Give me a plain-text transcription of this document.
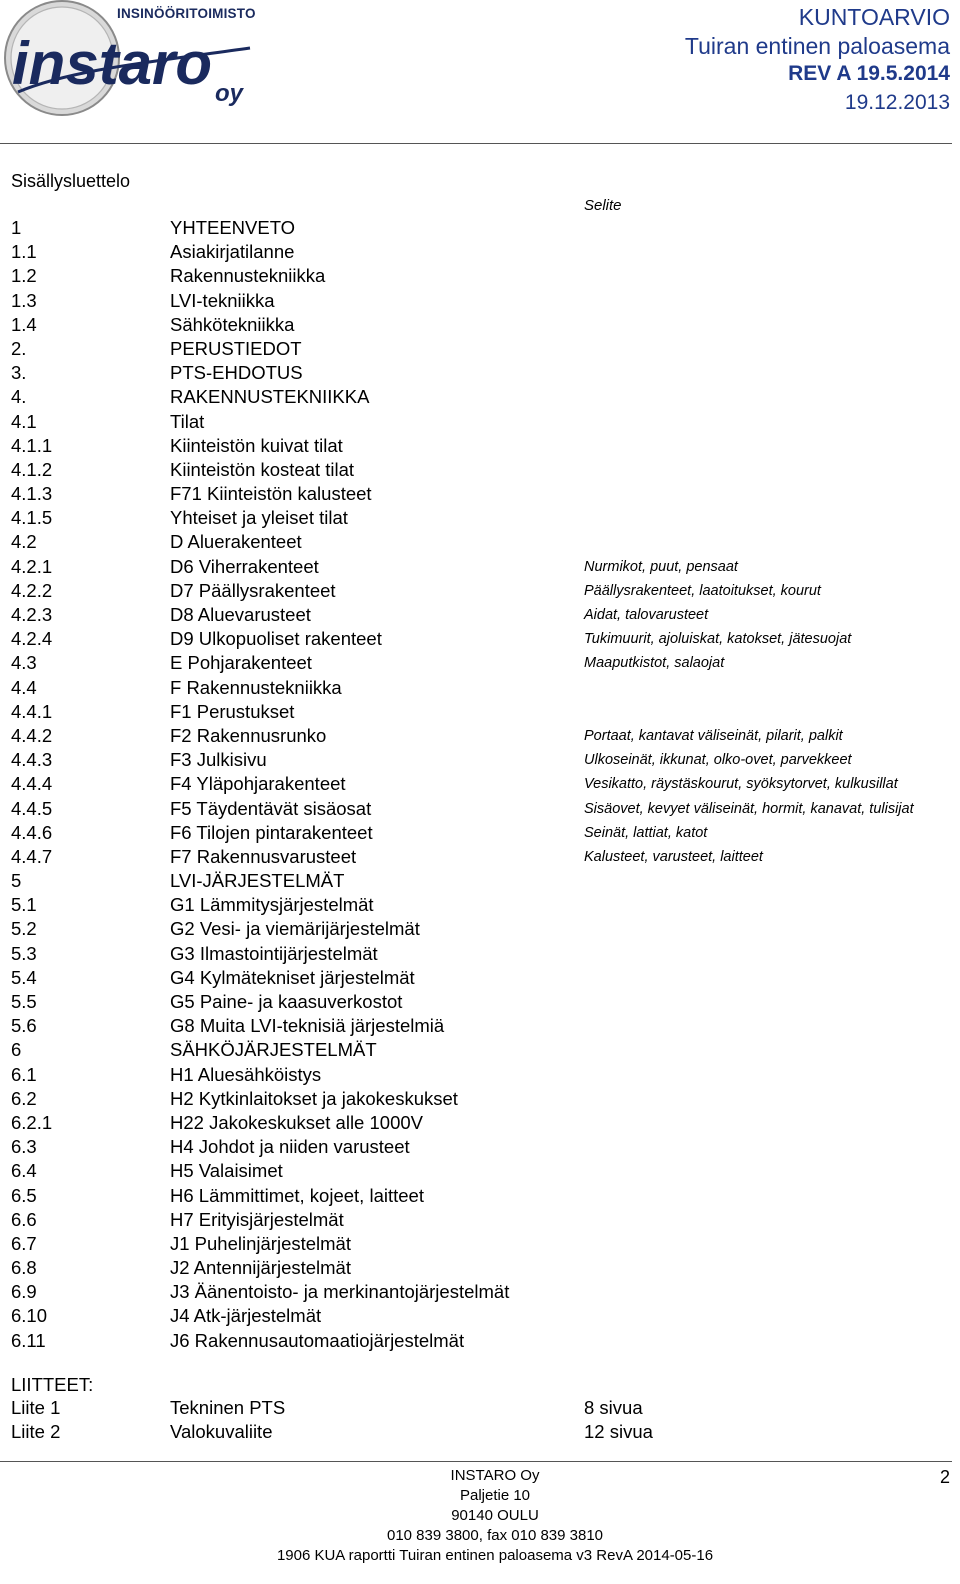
instaro
INSINÖÖRITOIMISTO
oy
KUNTOARVIO
Tuiran entinen paloasema
REV A 19.5.2014
19.12.2013
Sisällysluettelo
Selite
1	YHTEENVETO
1.1	Asiakirjatilanne
1.2	Rakennustekniikka
1.3	LVI-tekniikka
1.4	Sähkötekniikka
2.	PERUSTIEDOT
3.	PTS-EHDOTUS
4.	RAKENNUSTEKNIIKKA
4.1	Tilat
4.1.1	Kiinteistön kuivat tilat
4.1.2	Kiinteistön kosteat tilat
4.1.3	F71 Kiinteistön kalusteet
4.1.5	Yhteiset ja yleiset tilat
4.2	D Aluerakenteet
4.2.1	D6 Viherrakenteet	Nurmikot, puut, pensaat
4.2.2	D7 Päällysrakenteet	Päällysrakenteet, laatoitukset, kourut
4.2.3	D8 Aluevarusteet	Aidat, talovarusteet
4.2.4	D9 Ulkopuoliset rakenteet	Tukimuurit, ajoluiskat, katokset, jätesuojat
4.3	E Pohjarakenteet	Maaputkistot, salaojat
4.4	F Rakennustekniikka
4.4.1	F1 Perustukset
4.4.2	F2 Rakennusrunko	Portaat, kantavat väliseinät, pilarit, palkit
4.4.3	F3 Julkisivu	Ulkoseinät, ikkunat, olko-ovet, parvekkeet
4.4.4	F4 Yläpohjarakenteet	Vesikatto, räystäskourut, syöksytorvet, kulkusillat
4.4.5	F5 Täydentävät sisäosat	Sisäovet, kevyet väliseinät, hormit, kanavat, tulisijat
4.4.6	F6 Tilojen pintarakenteet	Seinät, lattiat, katot
4.4.7	F7 Rakennusvarusteet	Kalusteet, varusteet, laitteet
5	LVI-JÄRJESTELMÄT
5.1	G1 Lämmitysjärjestelmät
5.2	G2 Vesi- ja viemärijärjestelmät
5.3	G3 Ilmastointijärjestelmät
5.4	G4 Kylmätekniset järjestelmät
5.5	G5 Paine- ja kaasuverkostot
5.6	G8 Muita LVI-teknisiä järjestelmiä
6	SÄHKÖJÄRJESTELMÄT
6.1	H1 Aluesähköistys
6.2	H2 Kytkinlaitokset ja jakokeskukset
6.2.1	H22 Jakokeskukset alle 1000V
6.3	H4 Johdot ja niiden varusteet
6.4	H5 Valaisimet
6.5	H6 Lämmittimet, kojeet, laitteet
6.6	H7 Erityisjärjestelmät
6.7	J1 Puhelinjärjestelmät
6.8	J2 Antennijärjestelmät
6.9	J3 Äänentoisto- ja merkinantojärjestelmät
6.10	J4 Atk-järjestelmät
6.11	J6 Rakennusautomaatiojärjestelmät
LIITTEET:
Liite 1	Tekninen PTS	8 sivua
Liite 2	Valokuvaliite	12 sivua
INSTARO Oy
Paljetie 10
90140 OULU
010 839 3800, fax 010 839 3810
1906 KUA raportti Tuiran entinen paloasema v3 RevA 2014-05-16
2
